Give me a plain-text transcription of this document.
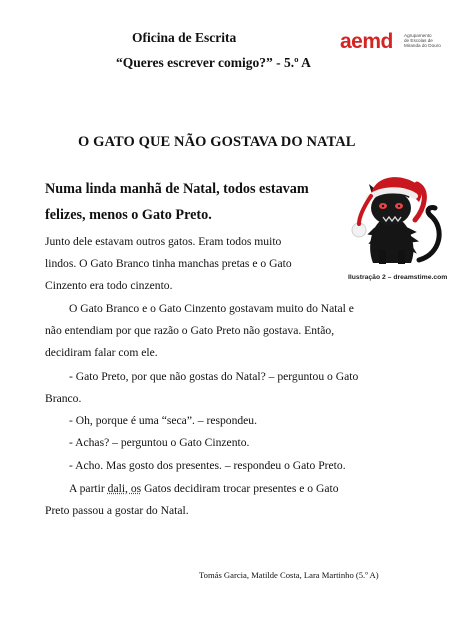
Oficina de Escrita
“Queres escrever comigo?” - 5.º A
aemd Agrupamento
de Escolas de
Miranda do Douro
O GATO QUE NÃO GOSTAVA DO NATAL
Numa linda manhã de Natal, todos estavam
felizes, menos o Gato Preto.
Ilustração 2 – dreamstime.com
Junto dele estavam outros gatos. Eram todos muito
lindos. O Gato Branco tinha manchas pretas e o Gato
Cinzento era todo cinzento.
O Gato Branco e o Gato Cinzento gostavam muito do Natal e
não entendiam por que razão o Gato Preto não gostava. Então,
decidiram falar com ele.
- Gato Preto, por que não gostas do Natal? – perguntou o Gato
Branco.
- Oh, porque é uma “seca”. – respondeu.
- Achas? – perguntou o Gato Cinzento.
- Acho. Mas gosto dos presentes. – respondeu o Gato Preto.
A partir dali, os Gatos decidiram trocar presentes e o Gato
Preto passou a gostar do Natal.
Tomás Garcia, Matilde Costa, Lara Martinho (5.º A)
